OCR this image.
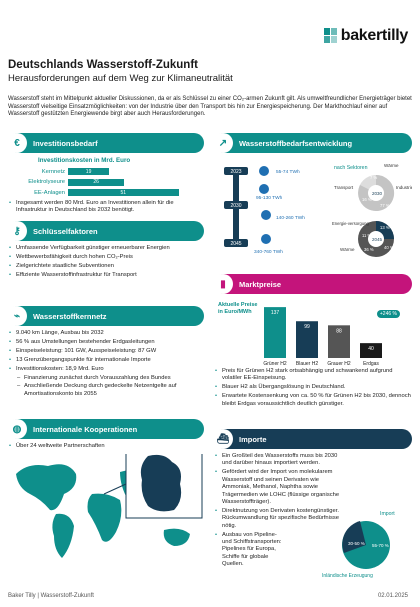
bakertilly
Deutschlands Wasserstoff-Zukunft
Herausforderungen auf dem Weg zur Klimaneutralität
Wasserstoff steht im Mittelpunkt aktueller Diskussionen, da er als Schlüssel zu einer CO₂-armen Zukunft gilt. Als umweltfreundlicher Energieträger bietet Wasserstoff vielseitige Einsatzmöglichkeiten: von der Industrie über den Transport bis hin zur Energiespeicherung. Der Markthochlauf einer auf Wasserstoff gestützten Energiewende birgt aber auch Herausforderungen.
€ Investitionsbedarf
Investitionskosten in Mrd. Euro
Kernnetz	19
Elektrolyseure	26
EE-Anlagen	51
• Insgesamt werden 80 Mrd. Euro an Investitionen allein für die Infrastruktur in Deutschland bis 2032 benötigt.
⚷ Schlüsselfaktoren
• Umfassende Verfügbarkeit günstiger erneuerbarer Energien
• Wettbewerbsfähigkeit durch hohen CO₂-Preis
• Zielgerichtete staatliche Subventionen
• Effiziente Wasserstoffinfrastruktur für Transport
⌁ Wasserstoffkernnetz
• 9.040 km Länge, Ausbau bis 2032
• 56 % aus Umstellungen bestehender Erdgasleitungen
• Einspeiseleistung: 101 GW, Ausspeiseleistung: 87 GW
• 13 Grenzübergangspunkte für internationale Importe
• Investitionskosten: 18,9 Mrd. Euro
– Finanzierung zunächst durch Vorauszahlung des Bundes
– Anschließende Deckung durch gedeckelte Netzentgelte auf Amortisationskonto bis 2055
◍ Internationale Kooperationen
• Über 24 weltweite Partnerschaften
↗ Wasserstoffbedarfsentwicklung
2023
2030
2045
55-74 TWh
95-130 TWh
140-260 TWh
340-760 TWh
nach Sektoren
2030
Wärme
Transport	Industrie
7 %
77 %
16 %
2045
Energie-versorgung
Wärme
13 %
11 %
36 % 40 %
▮ Marktpreise
Aktuelle Preise in Euro/MWh	137
Grüner H2
99
Blauer H2
88
Grauer H2
40
Erdgas
+246 %
• Preis für Grünen H2 stark ortsabhängig und schwankend aufgrund volatiler EE-Einspeisung.
• Blauer H2 als Übergangslösung in Deutschland.
• Erwartete Kostensenkung von ca. 50 % für Grünen H2 bis 2030, dennoch bleibt Erdgas voraussichtlich deutlich günstiger.
⛴ Importe
• Ein Großteil des Wasserstoffs muss bis 2030 und darüber hinaus importiert werden.
• Gefördert wird der Import von molekularem Wasserstoff und seinen Derivaten wie Ammoniak, Methanol, Naphtha sowie Trägermedien wie LOHC (flüssige organische Wasserstoffträger).
• Direktnutzung von Derivaten kostengünstiger. Rückumwandlung für spezifische Bedürfnisse nötig.
• Ausbau von Pipeline- und Schiffstransporten: Pipelines für Europa, Schiffe für globale Quellen.
Import
Inländische Erzeugung
55-70 %
30-50 %
Baker Tilly | Wasserstoff-Zukunft	02.01.2025
